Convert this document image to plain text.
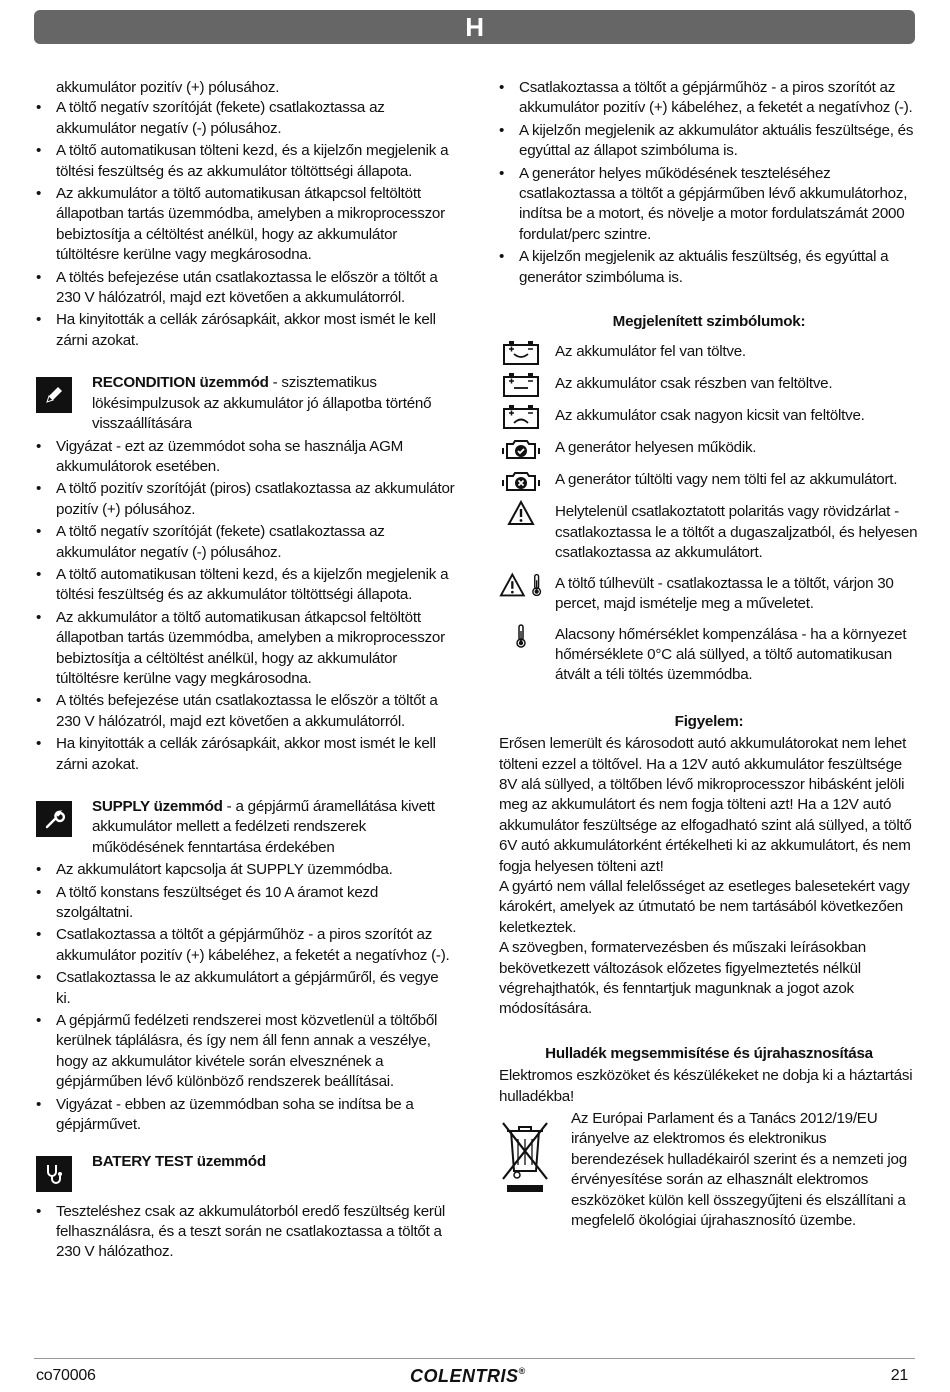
H
akkumulátor pozitív (+) pólusához.
• A töltő negatív szorítóját (fekete) csatlakoztassa az akkumulátor negatív (-) pólusához.
• A töltő automatikusan tölteni kezd, és a kijelzőn megjelenik a töltési feszültség és az akkumulátor töltöttségi állapota.
• Az akkumulátor a töltő automatikusan átkapcsol feltöltött állapotban tartás üzemmódba, amelyben a mikroprocesszor bebiztosítja a céltöltést anélkül, hogy az akkumulátor túltöltésre kerülne vagy megkárosodna.
• A töltés befejezése után csatlakoztassa le először a töltőt a 230 V hálózatról, majd ezt követően a akkumulátorról.
• Ha kinyitották a cellák zárósapkáit, akkor most ismét le kell zárni azokat.
RECONDITION üzemmód - szisztematikus lökésimpulzusok az akkumulátor jó állapotba történő visszaállítására
• Vigyázat - ezt az üzemmódot soha se használja AGM akkumulátorok esetében.
• A töltő pozitív szorítóját (piros) csatlakoztassa az akkumulátor pozitív (+) pólusához.
• A töltő negatív szorítóját (fekete) csatlakoztassa az akkumulátor negatív (-) pólusához.
• A töltő automatikusan tölteni kezd, és a kijelzőn megjelenik a töltési feszültség és az akkumulátor töltöttségi állapota.
• Az akkumulátor a töltő automatikusan átkapcsol feltöltött állapotban tartás üzemmódba, amelyben a mikroprocesszor bebiztosítja a céltöltést anélkül, hogy az akkumulátor túltöltésre kerülne vagy megkárosodna.
• A töltés befejezése után csatlakoztassa le először a töltőt a 230 V hálózatról, majd ezt követően a akkumulátorról.
• Ha kinyitották a cellák zárósapkáit, akkor most ismét le kell zárni azokat.
SUPPLY üzemmód - a gépjármű áramellátása kivett akkumulátor mellett a fedélzeti rendszerek működésének fenntartása érdekében
• Az akkumulátort kapcsolja át SUPPLY üzemmódba.
• A töltő konstans feszültséget és 10 A áramot kezd szolgáltatni.
• Csatlakoztassa a töltőt a gépjárműhöz - a piros szorítót az akkumulátor pozitív (+) kábeléhez, a feketét a negatívhoz (-).
• Csatlakoztassa le az akkumulátort a gépjárműről, és vegye ki.
• A gépjármű fedélzeti rendszerei most közvetlenül a töltőből kerülnek táplálásra, és így nem áll fenn annak a veszélye, hogy az akkumulátor kivétele során elvesznének a gépjárműben lévő különböző rendszerek beállításai.
• Vigyázat - ebben az üzemmódban soha se indítsa be a gépjárművet.
BATERY TEST üzemmód
• Teszteléshez csak az akkumulátorból eredő feszültség kerül felhasználásra, és a teszt során ne csatlakoztassa a töltőt a 230 V hálózathoz.
• Csatlakoztassa a töltőt a gépjárműhöz - a piros szorítót az akkumulátor pozitív (+) kábeléhez, a feketét a negatívhoz (-).
• A kijelzőn megjelenik az akkumulátor aktuális feszültsége, és egyúttal az állapot szimbóluma is.
• A generátor helyes működésének teszteléséhez csatlakoztassa a töltőt a gépjárműben lévő akkumulátorhoz, indítsa be a motort, és növelje a motor fordulatszámát 2000 fordulat/perc szintre.
• A kijelzőn megjelenik az aktuális feszültség, és egyúttal a generátor szimbóluma is.
Megjelenített szimbólumok:
Az akkumulátor fel van töltve.
Az akkumulátor csak részben van feltöltve.
Az akkumulátor csak nagyon kicsit van feltöltve.
A generátor helyesen működik.
A generátor túltölti vagy nem tölti fel az akkumulátort.
Helytelenül csatlakoztatott polaritás vagy rövidzárlat - csatlakoztassa le a töltőt a dugaszaljzatból, és helyesen csatlakoztassa az akkumulátort.
A töltő túlhevült - csatlakoztassa le a töltőt, várjon 30 percet, majd ismételje meg a műveletet.
Alacsony hőmérséklet kompenzálása - ha a környezet hőmérséklete 0°C alá süllyed, a töltő automatikusan átvált a téli töltés üzemmódba.
Figyelem:

Erősen lemerült és károsodott autó akkumulátorokat nem lehet tölteni ezzel a töltővel. Ha a 12V autó akkumulátor feszültsége 8V alá süllyed, a töltőben lévő mikroprocesszor hibásként jelöli meg az akkumulátort és nem fogja tölteni azt! Ha a 12V autó akkumulátor feszültsége az elfogadható szint alá süllyed, a töltő 6V autó akkumulátorként értékelheti ki az akkumulátort, és nem fogja helyesen tölteni azt!

A gyártó nem vállal felelősséget az esetleges balesetekért vagy károkért, amelyek az útmutató be nem tartásából következően keletkeztek.

A szövegben, formatervezésben és műszaki leírásokban bekövetkezett változások előzetes figyelmeztetés nélkül végrehajthatók, és fenntartjuk magunknak a jogot azok módosítására.

Hulladék megsemmisítése és újrahasznosítása

Elektromos eszközöket és készülékeket ne dobja ki a háztartási hulladékba!

Az Európai Parlament és a Tanács 2012/19/EU irányelve az elektromos és elektronikus berendezések hulladékairól szerint és a nemzeti jog érvényesítése során az elhasznált elektromos eszközöket külön kell összegyűjteni és elszállítani a megfelelő ökológiai újrahasznosító üzembe.
co70006	COLENTRIS®	21
